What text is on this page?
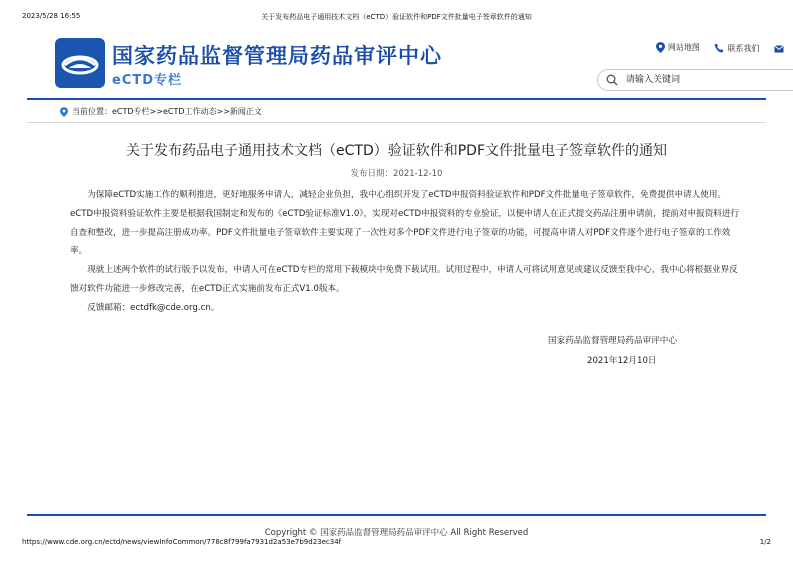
2023/5/28 16:55	关于发布药品电子通用技术文档（eCTD）验证软件和PDF文件批量电子签章软件的通知
国家药品监督管理局药品审评中心
eCTD专栏
网站地图
	联系我们

请输入关键词
当前位置： eCTD专栏>>eCTD工作动态>>新闻正文
关于发布药品电子通用技术文档（eCTD）验证软件和PDF文件批量电子签章软件的通知
发布日期：2021-12-10

为保障eCTD实施工作的顺利推进，更好地服务申请人，减轻企业负担，我中心组织开发了eCTD申报资料验证软件和PDF文件批量电子签章软件，免费提供申请人使用。eCTD申报资料验证软件主要是根据我国制定和发布的《eCTD验证标准V1.0》，实现对eCTD申报资料的专业验证，以便申请人在正式提交药品注册申请前，提前对申报资料进行自查和整改，进一步提高注册成功率。PDF文件批量电子签章软件主要实现了一次性对多个PDF文件进行电子签章的功能，可提高申请人对PDF文件逐个进行电子签章的工作效率。

现就上述两个软件的试行版予以发布，申请人可在eCTD专栏的常用下载模块中免费下载试用。试用过程中，申请人可将试用意见或建议反馈至我中心，我中心将根据业界反馈对软件功能进一步修改完善，在eCTD正式实施前发布正式V1.0版本。

反馈邮箱：ectdfk@cde.org.cn。

国家药品监督管理局药品审评中心
2021年12月10日
Copyright © 国家药品监督管理局药品审评中心 All Right Reserved
https://www.cde.org.cn/ectd/news/viewInfoCommon/778c8f799fa7931d2a53e7b9d23ec34f	1/2
